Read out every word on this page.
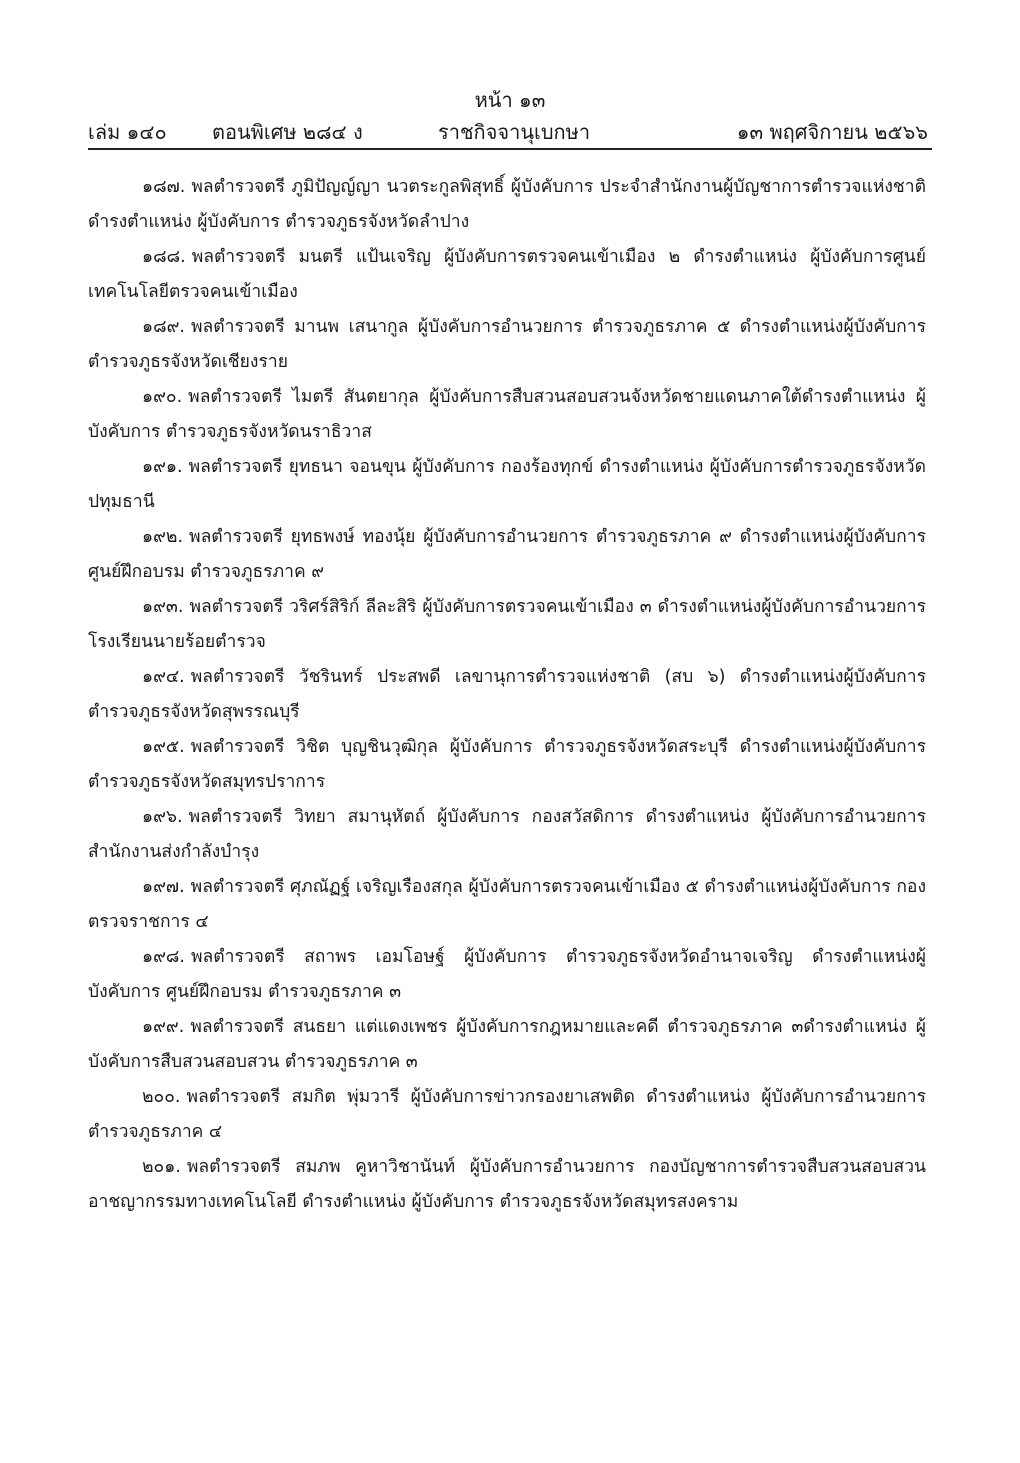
หน้า ๑๓
เล่ม ๑๔๐ ตอนพิเศษ ๒๘๔ ง	ราชกิจจานุเบกษา	๑๓ พฤศจิกายน ๒๕๖๖
๑๘๗. พลตำรวจตรี ภูมิปัญญ์ญา นวตระกูลพิสุทธิ์ ผู้บังคับการ ประจำสำนักงานผู้บัญชาการตำรวจแห่งชาติ ดำรงตำแหน่ง ผู้บังคับการ ตำรวจภูธรจังหวัดลำปาง
๑๘๘. พลตำรวจตรี มนตรี แป้นเจริญ ผู้บังคับการตรวจคนเข้าเมือง ๒ ดำรงตำแหน่ง ผู้บังคับการศูนย์เทคโนโลยีตรวจคนเข้าเมือง
๑๘๙. พลตำรวจตรี มานพ เสนากูล ผู้บังคับการอำนวยการ ตำรวจภูธรภาค ๕ ดำรงตำแหน่งผู้บังคับการ ตำรวจภูธรจังหวัดเชียงราย
๑๙๐. พลตำรวจตรี ไมตรี สันตยากุล ผู้บังคับการสืบสวนสอบสวนจังหวัดชายแดนภาคใต้ดำรงตำแหน่ง ผู้บังคับการ ตำรวจภูธรจังหวัดนราธิวาส
๑๙๑. พลตำรวจตรี ยุทธนา จอนขุน ผู้บังคับการ กองร้องทุกข์ ดำรงตำแหน่ง ผู้บังคับการตำรวจภูธรจังหวัดปทุมธานี
๑๙๒. พลตำรวจตรี ยุทธพงษ์ ทองนุ้ย ผู้บังคับการอำนวยการ ตำรวจภูธรภาค ๙ ดำรงตำแหน่งผู้บังคับการ ศูนย์ฝึกอบรม ตำรวจภูธรภาค ๙
๑๙๓. พลตำรวจตรี วริศร์สิริก์ ลีละสิริ ผู้บังคับการตรวจคนเข้าเมือง ๓ ดำรงตำแหน่งผู้บังคับการอำนวยการ โรงเรียนนายร้อยตำรวจ
๑๙๔. พลตำรวจตรี วัชรินทร์ ประสพดี เลขานุการตำรวจแห่งชาติ (สบ ๖) ดำรงตำแหน่งผู้บังคับการ ตำรวจภูธรจังหวัดสุพรรณบุรี
๑๙๕. พลตำรวจตรี วิชิต บุญชินวุฒิกุล ผู้บังคับการ ตำรวจภูธรจังหวัดสระบุรี ดำรงตำแหน่งผู้บังคับการ ตำรวจภูธรจังหวัดสมุทรปราการ
๑๙๖. พลตำรวจตรี วิทยา สมานุหัตถ์ ผู้บังคับการ กองสวัสดิการ ดำรงตำแหน่ง ผู้บังคับการอำนวยการ สำนักงานส่งกำลังบำรุง
๑๙๗. พลตำรวจตรี ศุภณัฏฐ์ เจริญเรืองสกุล ผู้บังคับการตรวจคนเข้าเมือง ๕ ดำรงตำแหน่งผู้บังคับการ กองตรวจราชการ ๔
๑๙๘. พลตำรวจตรี สถาพร เอมโอษฐ์ ผู้บังคับการ ตำรวจภูธรจังหวัดอำนาจเจริญ ดำรงตำแหน่งผู้บังคับการ ศูนย์ฝึกอบรม ตำรวจภูธรภาค ๓
๑๙๙. พลตำรวจตรี สนธยา แต่แดงเพชร ผู้บังคับการกฎหมายและคดี ตำรวจภูธรภาค ๓ดำรงตำแหน่ง ผู้บังคับการสืบสวนสอบสวน ตำรวจภูธรภาค ๓
๒๐๐. พลตำรวจตรี สมกิต พุ่มวารี ผู้บังคับการข่าวกรองยาเสพติด ดำรงตำแหน่ง ผู้บังคับการอำนวยการ ตำรวจภูธรภาค ๔
๒๐๑. พลตำรวจตรี สมภพ คูหาวิชานันท์ ผู้บังคับการอำนวยการ กองบัญชาการตำรวจสืบสวนสอบสวนอาชญากรรมทางเทคโนโลยี ดำรงตำแหน่ง ผู้บังคับการ ตำรวจภูธรจังหวัดสมุทรสงคราม
